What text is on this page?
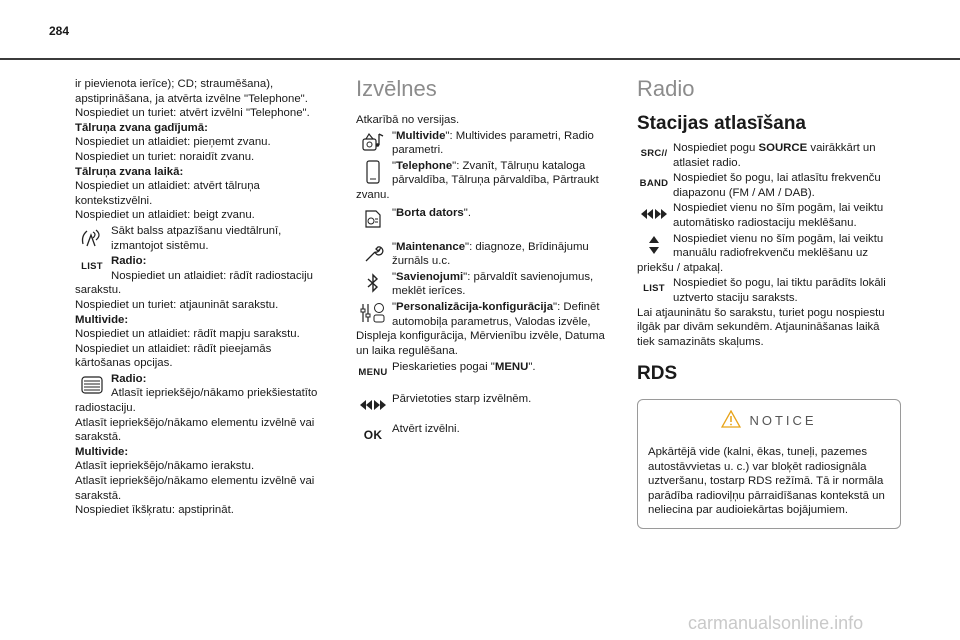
284

ir pievienota ierīce); CD; straumēšana),

apstiprināšana, ja atvērta izvēlne "Telephone".

Nospiediet un turiet: atvērt izvēlni "Telephone".

Tālruņa zvana gadījumā:

Nospiediet un atlaidiet: pieņemt zvanu.

Nospiediet un turiet: noraidīt zvanu.

Tālruņa zvana laikā:

Nospiediet un atlaidiet: atvērt tālruņa kontekstizvēlni.

Nospiediet un atlaidiet: beigt zvanu.

Sākt balss atpazīšanu viedtālrunī, izmantojot sistēmu.
LIST Radio:
Nospiediet un atlaidiet: rādīt radiostaciju sarakstu.
Nospiediet un turiet: atjaunināt sarakstu.
Multivide:
Nospiediet un atlaidiet: rādīt mapju sarakstu.
Nospiediet un atlaidiet: rādīt pieejamās kārtošanas opcijas.
Radio:
Atlasīt iepriekšējo/nākamo priekšiestatīto radiostaciju.
Atlasīt iepriekšējo/nākamo elementu izvēlnē vai sarakstā.
Multivide:
Atlasīt iepriekšējo/nākamo ierakstu.
Atlasīt iepriekšējo/nākamo elementu izvēlnē vai sarakstā.
Nospiediet īkšķratu: apstiprināt.
Izvēlnes

Atkarībā no versijas.

"Multivide": Multivides parametri, Radio parametri.
"Telephone": Zvanīt, Tālruņu kataloga pārvaldība, Tālruņa pārvaldība, Pārtraukt zvanu.
"Borta dators".
"Maintenance": diagnoze, Brīdinājumu žurnāls u.c.
"Savienojumi": pārvaldīt savienojumus, meklēt ierīces.
"Personalizācija-konfigurācija": Definēt automobiļa parametrus, Valodas izvēle, Displeja konfigurācija, Mērvienību izvēle, Datuma un laika regulēšana.
MENU Pieskarieties pogai "MENU".
Pārvietoties starp izvēlnēm.
OK Atvērt izvēlni.
Radio
Stacijas atlasīšana
SRC // Nospiediet pogu SOURCE vairākkārt un atlasiet radio.
BAND Nospiediet šo pogu, lai atlasītu frekvenču diapazonu (FM / AM / DAB).
Nospiediet vienu no šīm pogām, lai veiktu automātisko radiostaciju meklēšanu.
Nospiediet vienu no šīm pogām, lai veiktu manuālu radiofrekvenču meklēšanu uz priekšu / atpakaļ.
LIST Nospiediet šo pogu, lai tiktu parādīts lokāli uztverto staciju saraksts.

Lai atjauninātu šo sarakstu, turiet pogu nospiestu ilgāk par divām sekundēm. Atjaunināšanas laikā tiek samazināts skaļums.

RDS
NOTICE

Apkārtējā vide (kalni, ēkas, tuneļi, pazemes autostāvvietas u. c.) var bloķēt radiosignāla uztveršanu, tostarp RDS režīmā. Tā ir normāla parādība radioviļņu pārraidīšanas kontekstā un neliecina par audioiekārtas bojājumiem.

carmanualsonline.info
